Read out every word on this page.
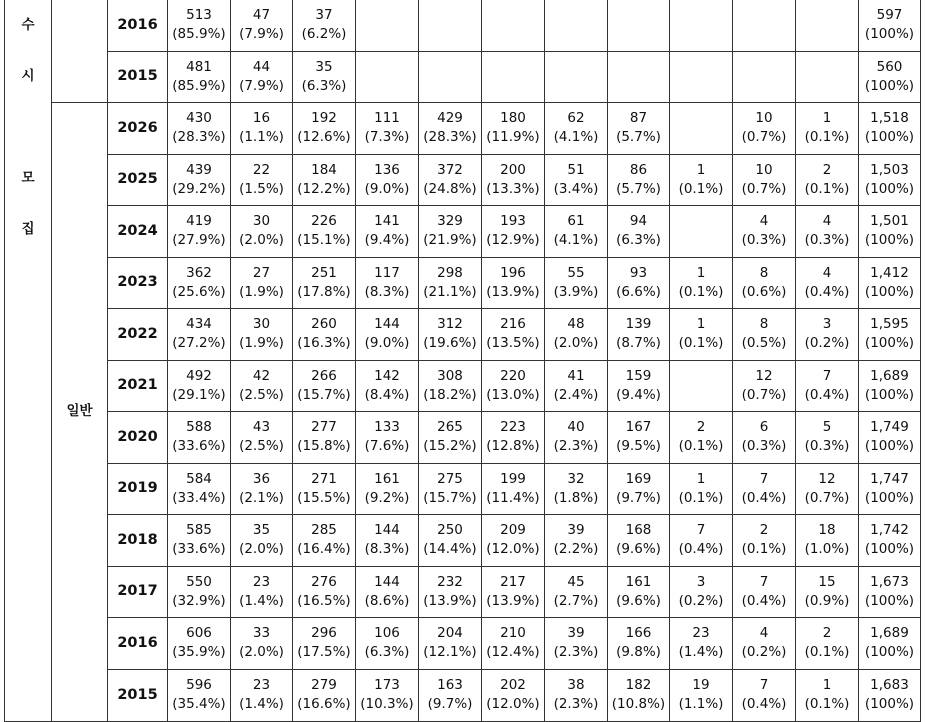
수
시
모
집		2016	513
(85.9%)	47
(7.9%)	37
(6.2%)									597
(100%)

		2015	481
(85.9%)	44
(7.9%)	35
(6.3%)									560
(100%)

	일반	2026	430
(28.3%)	16
(1.1%)	192
(12.6%)	111
(7.3%)	429
(28.3%)	180
(11.9%)	62
(4.1%)	87
(5.7%)		10
(0.7%)	1
(0.1%)	1,518
(100%)

		2025	439
(29.2%)	22
(1.5%)	184
(12.2%)	136
(9.0%)	372
(24.8%)	200
(13.3%)	51
(3.4%)	86
(5.7%)	1
(0.1%)	10
(0.7%)	2
(0.1%)	1,503
(100%)

		2024	419
(27.9%)	30
(2.0%)	226
(15.1%)	141
(9.4%)	329
(21.9%)	193
(12.9%)	61
(4.1%)	94
(6.3%)		4
(0.3%)	4
(0.3%)	1,501
(100%)

		2023	362
(25.6%)	27
(1.9%)	251
(17.8%)	117
(8.3%)	298
(21.1%)	196
(13.9%)	55
(3.9%)	93
(6.6%)	1
(0.1%)	8
(0.6%)	4
(0.4%)	1,412
(100%)

		2022	434
(27.2%)	30
(1.9%)	260
(16.3%)	144
(9.0%)	312
(19.6%)	216
(13.5%)	48
(2.0%)	139
(8.7%)	1
(0.1%)	8
(0.5%)	3
(0.2%)	1,595
(100%)

		2021	492
(29.1%)	42
(2.5%)	266
(15.7%)	142
(8.4%)	308
(18.2%)	220
(13.0%)	41
(2.4%)	159
(9.4%)		12
(0.7%)	7
(0.4%)	1,689
(100%)

		2020	588
(33.6%)	43
(2.5%)	277
(15.8%)	133
(7.6%)	265
(15.2%)	223
(12.8%)	40
(2.3%)	167
(9.5%)	2
(0.1%)	6
(0.3%)	5
(0.3%)	1,749
(100%)

		2019	584
(33.4%)	36
(2.1%)	271
(15.5%)	161
(9.2%)	275
(15.7%)	199
(11.4%)	32
(1.8%)	169
(9.7%)	1
(0.1%)	7
(0.4%)	12
(0.7%)	1,747
(100%)

		2018	585
(33.6%)	35
(2.0%)	285
(16.4%)	144
(8.3%)	250
(14.4%)	209
(12.0%)	39
(2.2%)	168
(9.6%)	7
(0.4%)	2
(0.1%)	18
(1.0%)	1,742
(100%)

		2017	550
(32.9%)	23
(1.4%)	276
(16.5%)	144
(8.6%)	232
(13.9%)	217
(13.9%)	45
(2.7%)	161
(9.6%)	3
(0.2%)	7
(0.4%)	15
(0.9%)	1,673
(100%)

		2016	606
(35.9%)	33
(2.0%)	296
(17.5%)	106
(6.3%)	204
(12.1%)	210
(12.4%)	39
(2.3%)	166
(9.8%)	23
(1.4%)	4
(0.2%)	2
(0.1%)	1,689
(100%)

		2015	596
(35.4%)	23
(1.4%)	279
(16.6%)	173
(10.3%)	163
(9.7%)	202
(12.0%)	38
(2.3%)	182
(10.8%)	19
(1.1%)	7
(0.4%)	1
(0.1%)	1,683
(100%)
